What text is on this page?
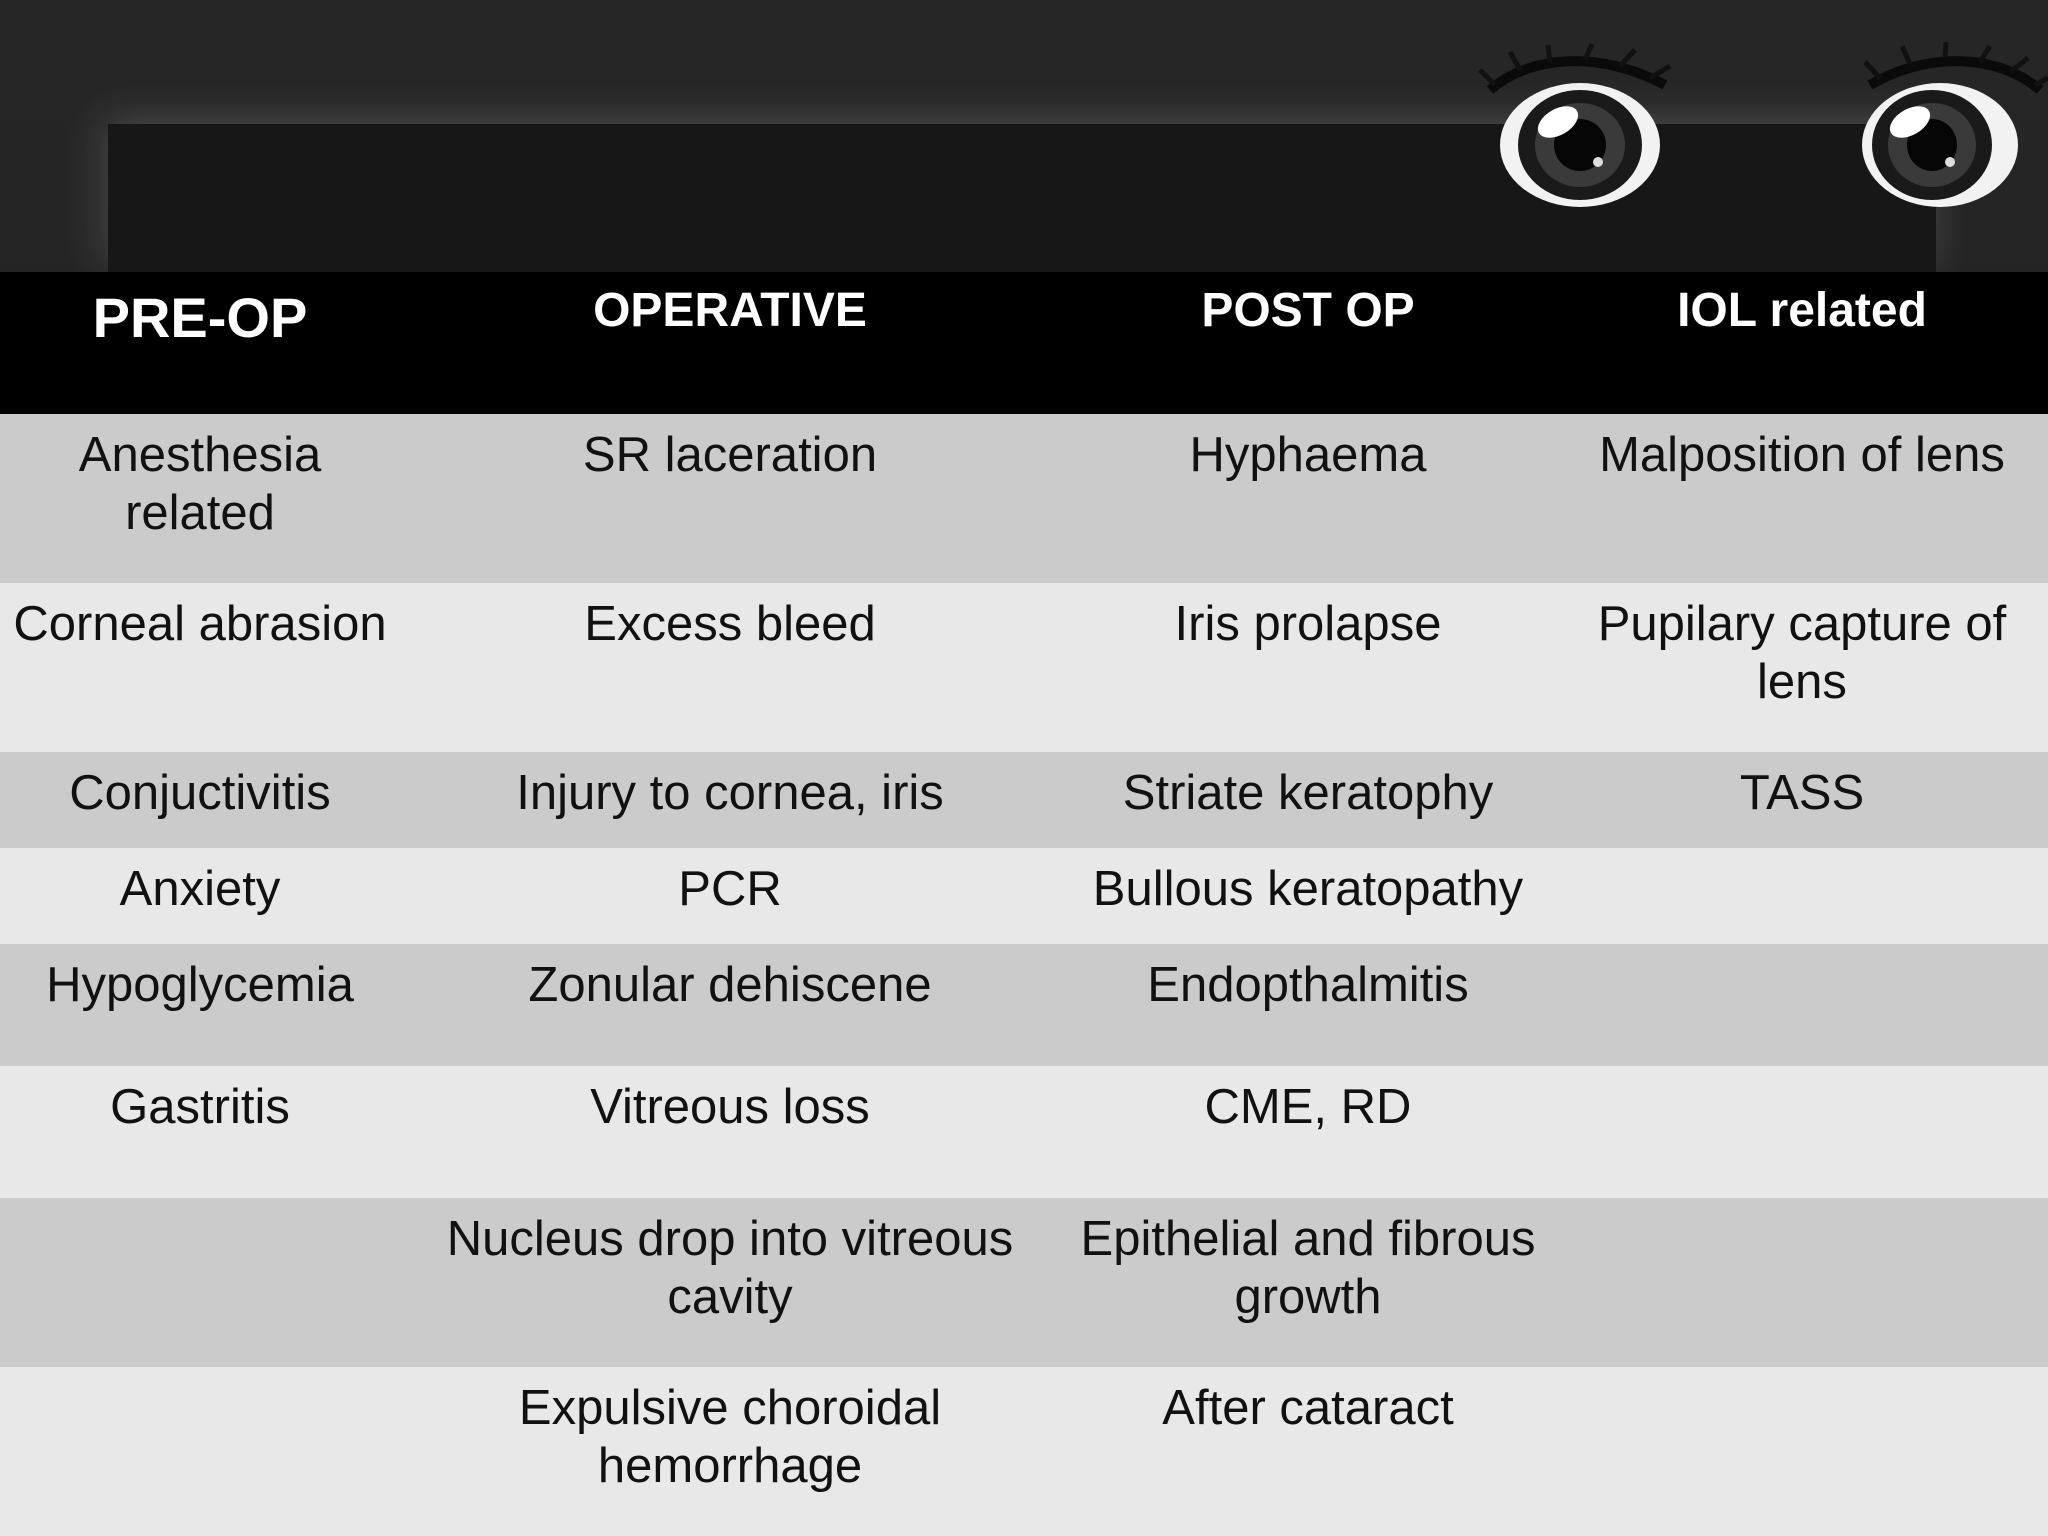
PRE-OP	OPERATIVE	POST OP	IOL related
Anesthesia related	SR laceration	Hyphaema	Malposition of lens
Corneal abrasion	Excess bleed	Iris prolapse	Pupilary capture of lens
Conjuctivitis	Injury to cornea, iris	Striate keratophy	TASS
Anxiety	PCR	Bullous keratopathy	
Hypoglycemia	Zonular dehiscene	Endopthalmitis	
Gastritis	Vitreous loss	CME, RD	
	Nucleus drop into vitreous cavity	Epithelial and fibrous growth	
	Expulsive choroidal hemorrhage	After cataract	
